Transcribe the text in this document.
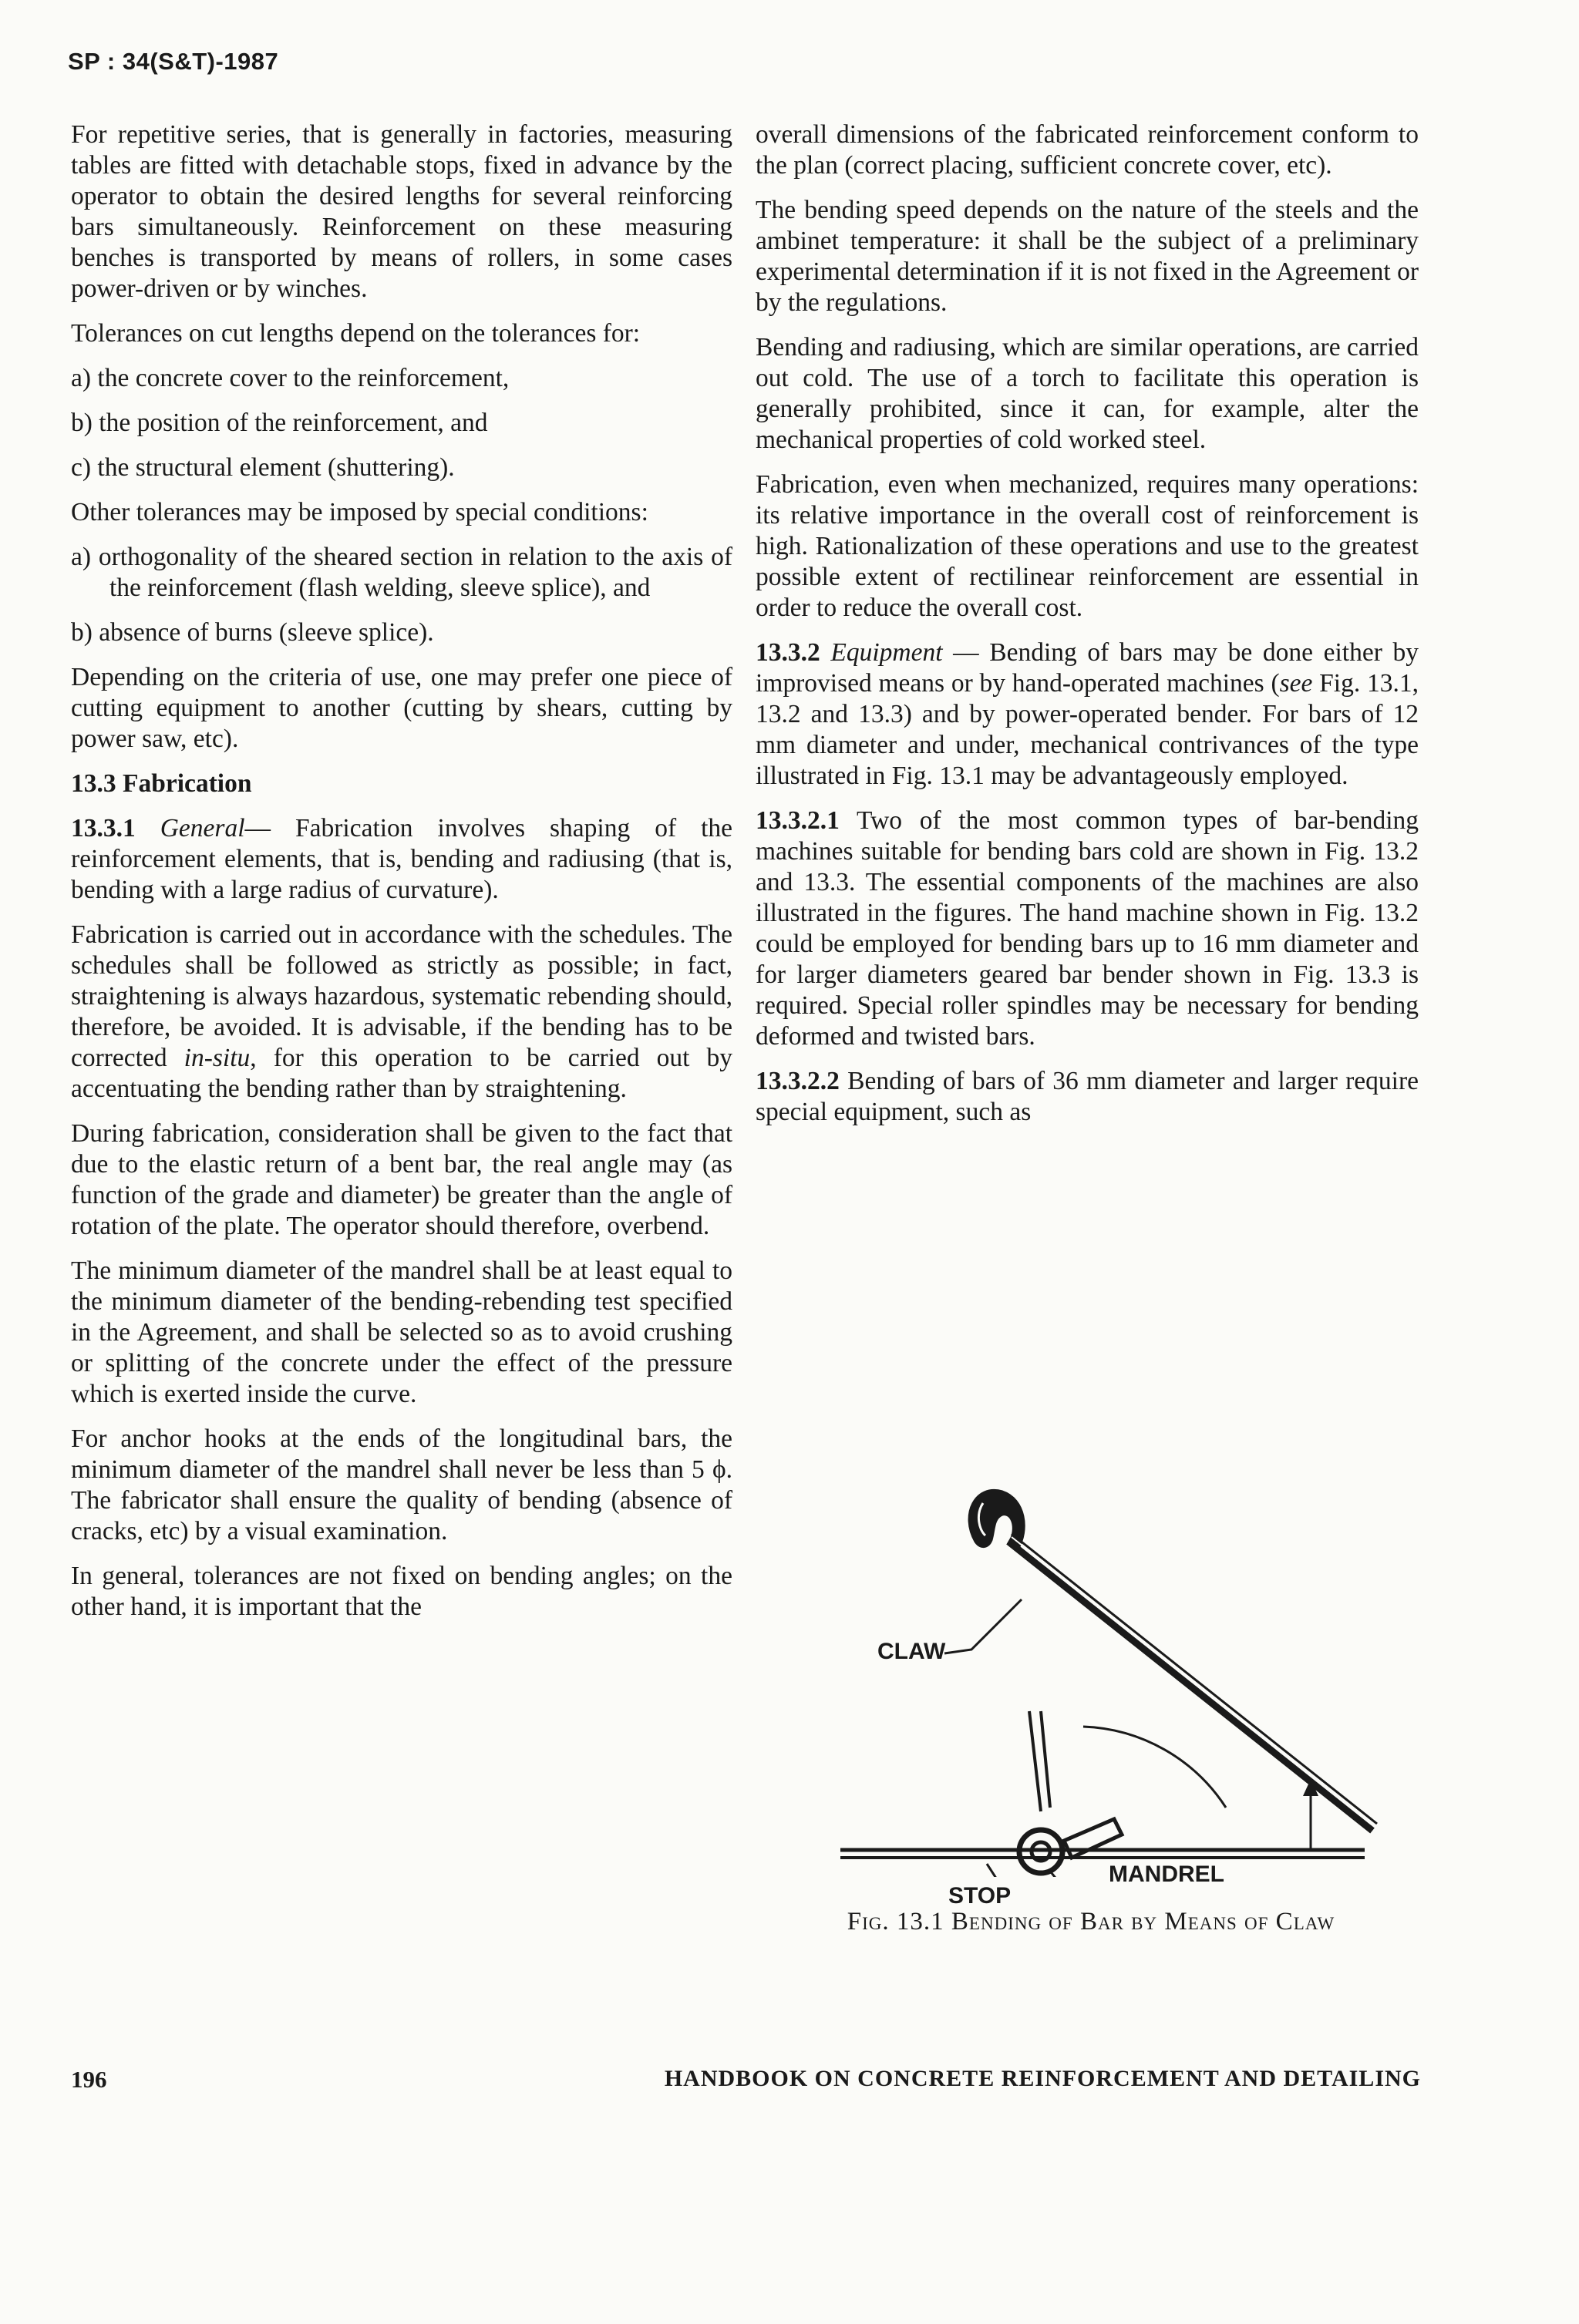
SP : 34(S&T)-1987

For repetitive series, that is generally in factories, measuring tables are fitted with detachable stops, fixed in advance by the operator to obtain the desired lengths for several reinforcing bars simultaneously. Reinforcement on these measuring benches is transported by means of rollers, in some cases power-driven or by winches.

Tolerances on cut lengths depend on the tolerances for:

a) the concrete cover to the reinforcement,

b) the position of the reinforcement, and

c) the structural element (shuttering).

Other tolerances may be imposed by special conditions:

a) orthogonality of the sheared section in relation to the axis of the reinforcement (flash welding, sleeve splice), and

b) absence of burns (sleeve splice).

Depending on the criteria of use, one may prefer one piece of cutting equipment to another (cutting by shears, cutting by power saw, etc).

13.3 Fabrication

13.3.1 General— Fabrication involves shaping of the reinforcement elements, that is, bending and radiusing (that is, bending with a large radius of curvature).

Fabrication is carried out in accordance with the schedules. The schedules shall be followed as strictly as possible; in fact, straightening is always hazardous, systematic rebending should, therefore, be avoided. It is advisable, if the bending has to be corrected in-situ, for this operation to be carried out by accentuating the bending rather than by straightening.

During fabrication, consideration shall be given to the fact that due to the elastic return of a bent bar, the real angle may (as function of the grade and diameter) be greater than the angle of rotation of the plate. The operator should therefore, overbend.

The minimum diameter of the mandrel shall be at least equal to the minimum diameter of the bending-rebending test specified in the Agreement, and shall be selected so as to avoid crushing or splitting of the concrete under the effect of the pressure which is exerted inside the curve.

For anchor hooks at the ends of the longitudinal bars, the minimum diameter of the mandrel shall never be less than 5 ϕ. The fabricator shall ensure the quality of bending (absence of cracks, etc) by a visual examination.

In general, tolerances are not fixed on bending angles; on the other hand, it is important that the

overall dimensions of the fabricated reinforcement conform to the plan (correct placing, sufficient concrete cover, etc).

The bending speed depends on the nature of the steels and the ambinet temperature: it shall be the subject of a preliminary experimental determination if it is not fixed in the Agreement or by the regulations.

Bending and radiusing, which are similar operations, are carried out cold. The use of a torch to facilitate this operation is generally prohibited, since it can, for example, alter the mechanical properties of cold worked steel.

Fabrication, even when mechanized, requires many operations: its relative importance in the overall cost of reinforcement is high. Rationalization of these operations and use to the greatest possible extent of rectilinear reinforcement are essential in order to reduce the overall cost.

13.3.2 Equipment — Bending of bars may be done either by improvised means or by hand-operated machines (see Fig. 13.1, 13.2 and 13.3) and by power-operated bender. For bars of 12 mm diameter and under, mechanical contrivances of the type illustrated in Fig. 13.1 may be advantageously employed.

13.3.2.1 Two of the most common types of bar-bending machines suitable for bending bars cold are shown in Fig. 13.2 and 13.3. The essential components of the machines are also illustrated in the figures. The hand machine shown in Fig. 13.2 could be employed for bending bars up to 16 mm diameter and for larger diameters geared bar bender shown in Fig. 13.3 is required. Special roller spindles may be necessary for bending deformed and twisted bars.

13.3.2.2 Bending of bars of 36 mm diameter and larger require special equipment, such as

CLAW
MANDREL
STOP
Fig. 13.1 Bending of Bar by Means of Claw
196	HANDBOOK ON CONCRETE REINFORCEMENT AND DETAILING
